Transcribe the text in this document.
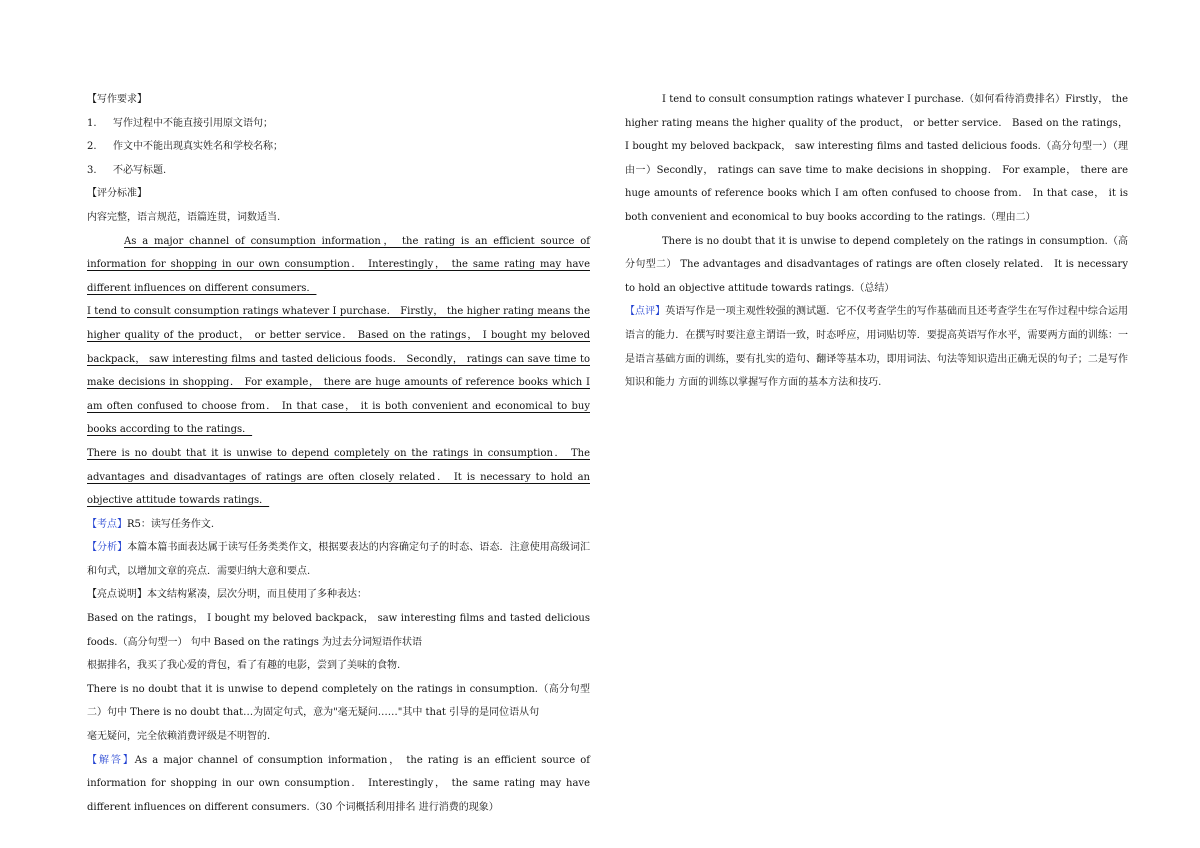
【写作要求】

1. 写作过程中不能直接引用原文语句；

2. 作文中不能出现真实姓名和学校名称；

3. 不必写标题.

【评分标准】

内容完整，语言规范，语篇连贯，词数适当.

As a major channel of consumption information， the rating is an efficient source of information for shopping in our own consumption． Interestingly， the same rating may have different influences on different consumers．

I tend to consult consumption ratings whatever I purchase． Firstly， the higher rating means the higher quality of the product， or better service． Based on the ratings， I bought my beloved backpack， saw interesting films and tasted delicious foods． Secondly， ratings can save time to make decisions in shopping． For example， there are huge amounts of reference books which I am often confused to choose from． In that case， it is both convenient and economical to buy books according to the ratings．

There is no doubt that it is unwise to depend completely on the ratings in consumption． The advantages and disadvantages of ratings are often closely related． It is necessary to hold an objective attitude towards ratings．

【考点】R5：读写任务作文.

【分析】本篇本篇书面表达属于读写任务类类作文，根据要表达的内容确定句子的时态、语态．注意使用高级词汇和句式，以增加文章的亮点．需要归纳大意和要点.

【亮点说明】本文结构紧凑，层次分明，而且使用了多种表达：

Based on the ratings， I bought my beloved backpack， saw interesting films and tasted delicious foods.（高分句型一） 句中 Based on the ratings 为过去分词短语作状语

根据排名，我买了我心爱的背包，看了有趣的电影，尝到了美味的食物.

There is no doubt that it is unwise to depend completely on the ratings in consumption.（高分句型二）句中 There is no doubt that…为固定句式，意为"毫无疑问……"其中 that 引导的是同位语从句

毫无疑问，完全依赖消费评级是不明智的.

【解答】As a major channel of consumption information， the rating is an efficient source of information for shopping in our own consumption． Interestingly， the same rating may have different influences on different consumers.（30 个词概括利用排名 进行消费的现象）

I tend to consult consumption ratings whatever I purchase.（如何看待消费排名）Firstly， the higher rating means the higher quality of the product， or better service． Based on the ratings， I bought my beloved backpack， saw interesting films and tasted delicious foods.（高分句型一）（理由一）Secondly， ratings can save time to make decisions in shopping． For example， there are huge amounts of reference books which I am often confused to choose from． In that case， it is both convenient and economical to buy books according to the ratings.（理由二）

There is no doubt that it is unwise to depend completely on the ratings in consumption.（高分句型二） The advantages and disadvantages of ratings are often closely related． It is necessary to hold an objective attitude towards ratings.（总结）

【点评】英语写作是一项主观性较强的测试题．它不仅考查学生的写作基础而且还考查学生在写作过程中综合运用语言的能力．在撰写时要注意主谓语一致，时态呼应，用词贴切等．要提高英语写作水平，需要两方面的训练：一是语言基础方面的训练，要有扎实的造句、翻译等基本功，即用词法、句法等知识造出正确无误的句子；二是写作知识和能力 方面的训练以掌握写作方面的基本方法和技巧.
